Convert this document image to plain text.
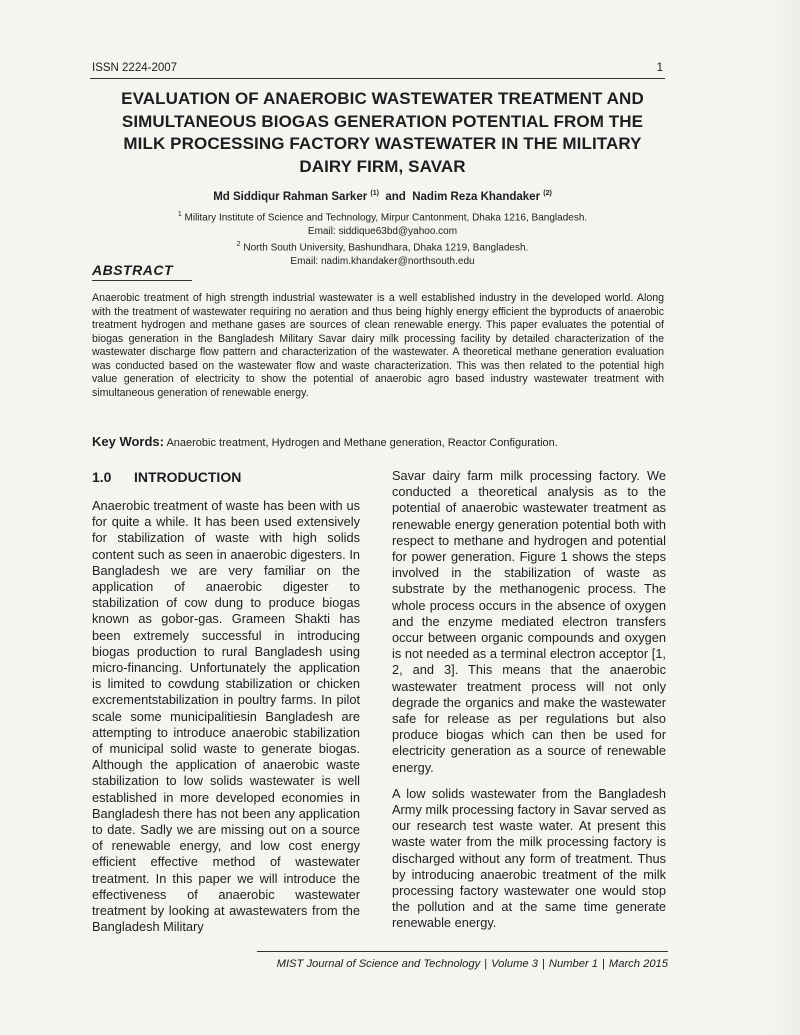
ISSN 2224-2007	1
EVALUATION OF ANAEROBIC WASTEWATER TREATMENT AND
SIMULTANEOUS BIOGAS GENERATION POTENTIAL FROM THE
MILK PROCESSING FACTORY WASTEWATER IN THE MILITARY
DAIRY FIRM, SAVAR
Md Siddiqur Rahman Sarker $^{(1)}$  and  Nadim Reza Khandaker $^{(2)}$
$^1$ Military Institute of Science and Technology, Mirpur Cantonment, Dhaka 1216, Bangladesh.
Email: siddique63bd@yahoo.com
$^2$ North South University, Bashundhara, Dhaka 1219, Bangladesh.
Email: nadim.khandaker@northsouth.edu
ABSTRACT
Anaerobic treatment of high strength industrial wastewater is a well established industry in the developed world. Along with the treatment of wastewater requiring no aeration and thus being highly energy efficient the byproducts of anaerobic treatment hydrogen and methane gases are sources of clean renewable energy. This paper evaluates the potential of biogas generation in the Bangladesh Military Savar dairy milk processing facility by detailed characterization of the wastewater discharge flow pattern and characterization of the wastewater. A theoretical methane generation evaluation was conducted based on the wastewater flow and waste characterization. This was then related to the potential high value generation of electricity to show the potential of anaerobic agro based industry wastewater treatment with simultaneous generation of renewable energy.
Key Words: Anaerobic treatment, Hydrogen and Methane generation, Reactor Configuration.
1.0 INTRODUCTION

Anaerobic treatment of waste has been with us for quite a while. It has been used extensively for stabilization of waste with high solids content such as seen in anaerobic digesters. In Bangladesh we are very familiar on the application of anaerobic digester to stabilization of cow dung to produce biogas known as gobor-gas. Grameen Shakti has been extremely successful in introducing biogas production to rural Bangladesh using micro-financing. Unfortunately the application is limited to cowdung stabilization or chicken excrementstabilization in poultry farms. In pilot scale some municipalitiesin Bangladesh are attempting to introduce anaerobic stabilization of municipal solid waste to generate biogas. Although the application of anaerobic waste stabilization to low solids wastewater is well established in more developed economies in Bangladesh there has not been any application to date. Sadly we are missing out on a source of renewable energy, and low cost energy efficient effective method of wastewater treatment. In this paper we will introduce the effectiveness of anaerobic wastewater treatment by looking at awastewaters from the Bangladesh Military

Savar dairy farm milk processing factory. We conducted a theoretical analysis as to the potential of anaerobic wastewater treatment as renewable energy generation potential both with respect to methane and hydrogen and potential for power generation. Figure 1 shows the steps involved in the stabilization of waste as substrate by the methanogenic process. The whole process occurs in the absence of oxygen and the enzyme mediated electron transfers occur between organic compounds and oxygen is not needed as a terminal electron acceptor [1, 2, and 3]. This means that the anaerobic wastewater treatment process will not only degrade the organics and make the wastewater safe for release as per regulations but also produce biogas which can then be used for electricity generation as a source of renewable energy.

A low solids wastewater from the Bangladesh Army milk processing factory in Savar served as our research test waste water. At present this waste water from the milk processing factory is discharged without any form of treatment. Thus by introducing anaerobic treatment of the milk processing factory wastewater one would stop the pollution and at the same time generate renewable energy.

MIST Journal of Science and Technology | Volume 3 | Number 1 | March 2015
